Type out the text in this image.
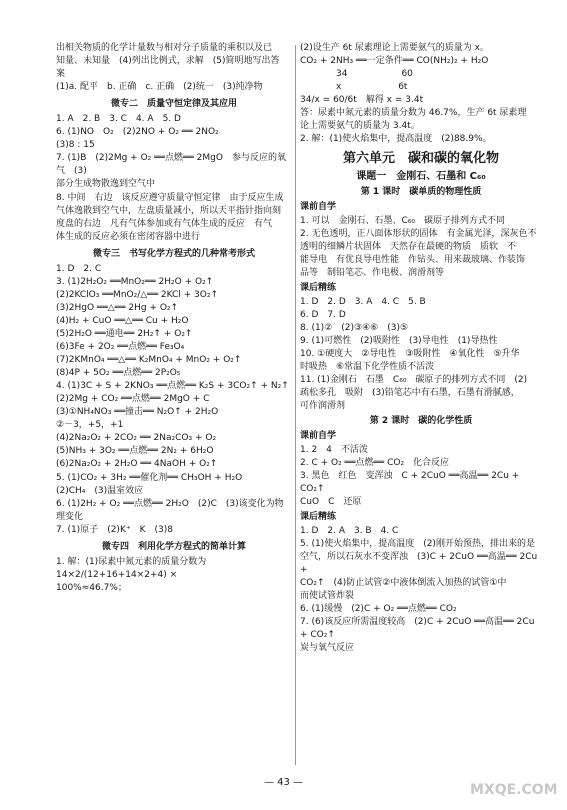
出相关物质的化学计量数与相对分子质量的乘积以及已
知量、未知量　(4)列出比例式，求解　(5)简明地写出答
案
(1)a. 配平　b. 正确　c. 正确　(2)统一　(3)纯净物
微专二　质量守恒定律及其应用
1. A　2. B　3. C　4. A　5. D
6. (1)NO　O₂　(2)2NO + O₂ ══ 2NO₂
(3)8 : 15
7. (1)B　(2)2Mg + O₂ ══点燃══ 2MgO　参与反应的氧气　(3)
部分生成物散逸到空气中
8. 中间　右边　该反应遵守质量守恒定律　由于反应生成
气体逸散到空气中，左盘质量减小，所以天平指针指向刻
度盘的右边　凡有气体参加或有气体生成的反应　有气
体生成的反应必须在密闭容器中进行
微专三　书写化学方程式的几种常考形式
1. D　2. C
3. (1)2H₂O₂ ══MnO₂══ 2H₂O + O₂↑
(2)2KClO₃ ══MnO₂/△══ 2KCl + 3O₂↑
(3)2HgO ══△══ 2Hg + O₂↑
(4)H₂ + CuO ══△══ Cu + H₂O
(5)2H₂O ══通电══ 2H₂↑ + O₂↑
(6)3Fe + 2O₂ ══点燃══ Fe₃O₄
(7)2KMnO₄ ══△══ K₂MnO₄ + MnO₂ + O₂↑
(8)4P + 5O₂ ══点燃══ 2P₂O₅
4. (1)3C + S + 2KNO₃ ══点燃══ K₂S + 3CO₂↑ + N₂↑
(2)2Mg + CO₂ ══点燃══ 2MgO + C
(3)①NH₄NO₃ ══撞击══ N₂O↑ + 2H₂O
②－3，+5，+1
(4)2Na₂O₂ + 2CO₂ ══ 2Na₂CO₃ + O₂
(5)NH₃ + 3O₂ ══点燃══ 2N₂ + 6H₂O
(6)2Na₂O₂ + 2H₂O ══ 4NaOH + O₂↑
5. (1)CO₂ + 3H₂ ══催化剂══ CH₃OH + H₂O
(2)CH₄　(3)温室效应
6. (1)2H₂ + O₂ ══点燃══ 2H₂O　(2)C　(3)该变化为物理变化
7. (1)原子　(2)K⁺　K　(3)8
微专四　利用化学方程式的简单计算
1. 解：(1)尿素中氮元素的质量分数为 14×2/(12+16+14×2+4) ×
100%≈46.7%；
(2)设生产 6t 尿素理论上需要氨气的质量为 x。
CO₂ + 2NH₃ ══一定条件══ CO(NH₂)₂ + H₂O
　　　　34　　　　　　60
　　　　x　　　　　　 6t
34/x = 60/6t　解得 x = 3.4t
答：尿素中氮元素的质量分数为 46.7%，生产 6t 尿素理
论上需要氨气的质量为 3.4t。
2. 解：(1)使火焰集中，提高温度　(2)88.9%。
第六单元　碳和碳的氧化物
课题一　金刚石、石墨和 C₆₀
第 1 课时　碳单质的物理性质
课前自学
1. 可以　金刚石、石墨、C₆₀　碳原子排列方式不同
2. 无色透明，正八面体形状的固体　有金属光泽，深灰色不
透明的细鳞片状固体　天然存在最硬的物质　质软　不
能导电　有优良导电性能　作钻头、用来裁玻璃、作装饰
品等　制铅笔芯、作电极、润滑剂等
课后精练
1. D　2. D　3. A　4. C　5. B
6. D　7. D
8. (1)②　(2)③④⑥　(3)⑤
9. (1)可燃性　(2)吸附性　(3)导电性　(1)导热性
10. ①硬度大　②导电性　③吸附性　④氧化性　⑤升华
时吸热　⑥常温下化学性质不活泼
11. (1)金刚石　石墨　C₆₀　碳原子的排列方式不同　(2)
疏松多孔　吸附　(3)铅笔芯中有石墨，石墨有滑腻感，
可作润滑剂
第 2 课时　碳的化学性质
课前自学
1. 2　4　不活泼
2. C + O₂ ══点燃══ CO₂　化合反应
3. 黑色　红色　变浑浊　C + 2CuO ══高温══ 2Cu + CO₂↑
CuO　C　还原
课后精练
1. D　2. A　3. B　4. C
5. (1)使火焰集中，提高温度　(2)刚开始预热，排出来的是
空气，所以石灰水不变浑浊　(3)C + 2CuO ══高温══ 2Cu +
CO₂↑　(4)防止试管②中液体倒流入加热的试管①中
而使试管炸裂
6. (1)缓慢　(2)C + O₂ ══点燃══ CO₂
7. (6)该反应所需温度较高　(2)C + 2CuO ══高温══ 2Cu + CO₂↑
炭与氧气反应
— 43 —	MXQE.COM
